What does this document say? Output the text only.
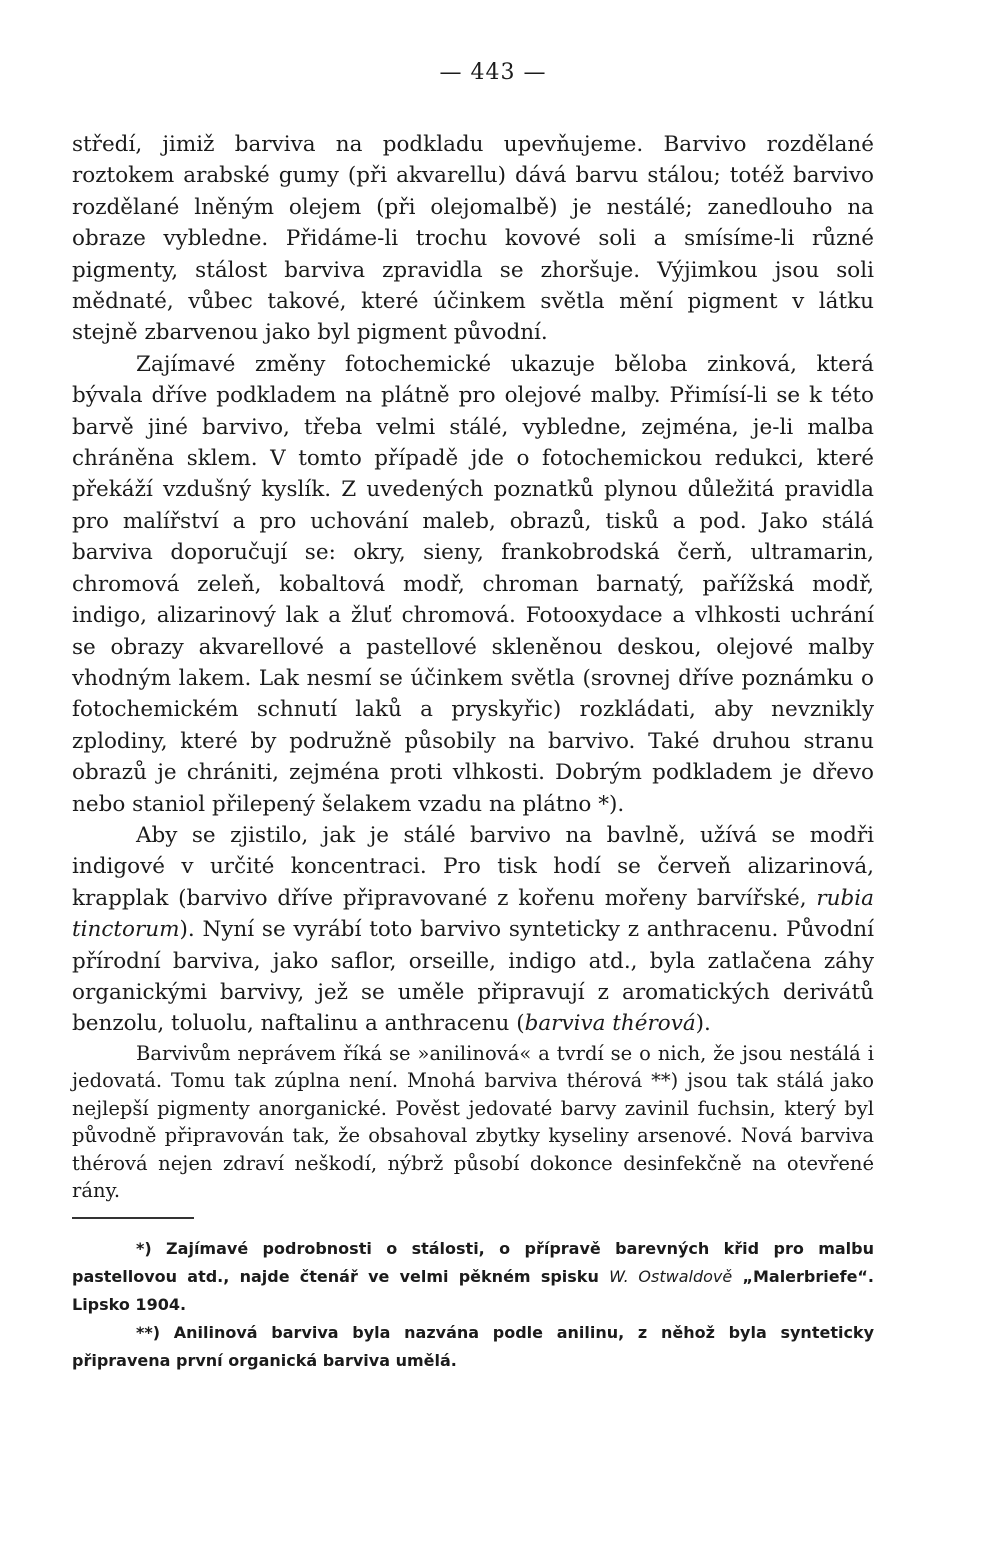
— 443 —

středí, jimiž barviva na podkladu upevňujeme. Barvivo rozdělané roztokem arabské gumy (při akvarellu) dává barvu stálou; totéž barvivo rozdělané lněným olejem (při olejomalbě) je nestálé; zanedlouho na obraze vybledne. Přidáme-li trochu kovové soli a smísíme-li různé pigmenty, stálost barviva zpravidla se zhoršuje. Výjimkou jsou soli mědnaté, vůbec takové, které účinkem světla mění pigment v látku stejně zbarvenou jako byl pigment původní.

Zajímavé změny fotochemické ukazuje běloba zinková, která bývala dříve podkladem na plátně pro olejové malby. Přimísí-li se k této barvě jiné barvivo, třeba velmi stálé, vybledne, zejména, je-li malba chráněna sklem. V tomto případě jde o fotochemickou redukci, které překáží vzdušný kyslík. Z uvedených poznatků plynou důležitá pravidla pro malířství a pro uchování maleb, obrazů, tisků a pod. Jako stálá barviva doporučují se: okry, sieny, frankobrodská čerň, ultramarin, chromová zeleň, kobaltová modř, chroman barnatý, pařížská modř, indigo, alizarinový lak a žluť chromová. Fotooxydace a vlhkosti uchrání se obrazy akvarellové a pastellové skleněnou deskou, olejové malby vhodným lakem. Lak nesmí se účinkem světla (srovnej dříve poznámku o fotochemickém schnutí laků a pryskyřic) rozkládati, aby nevznikly zplodiny, které by podružně působily na barvivo. Také druhou stranu obrazů je chrániti, zejména proti vlhkosti. Dobrým podkladem je dřevo nebo staniol přilepený šelakem vzadu na plátno *).

Aby se zjistilo, jak je stálé barvivo na bavlně, užívá se modři indigové v určité koncentraci. Pro tisk hodí se červeň alizarinová, krapplak (barvivo dříve připravované z kořenu mořeny barvířské, rubia tinctorum). Nyní se vyrábí toto barvivo synteticky z anthracenu. Původní přírodní barviva, jako saflor, orseille, indigo atd., byla zatlačena záhy organickými barvivy, jež se uměle připravují z aromatických derivátů benzolu, toluolu, naftalinu a anthracenu (barviva thérová).

Barvivům neprávem říká se »anilinová« a tvrdí se o nich, že jsou nestálá i jedovatá. Tomu tak zúplna není. Mnohá barviva thérová **) jsou tak stálá jako nejlepší pigmenty anorganické. Pověst jedovaté barvy zavinil fuchsin, který byl původně připravován tak, že obsahoval zbytky kyseliny arsenové. Nová barviva thérová nejen zdraví neškodí, nýbrž působí dokonce desinfekčně na otevřené rány.

*) Zajímavé podrobnosti o stálosti, o přípravě barevných křid pro malbu pastellovou atd., najde čtenář ve velmi pěkném spisku W. Ostwaldově „Malerbriefe“. Lipsko 1904.

**) Anilinová barviva byla nazvána podle anilinu, z něhož byla synteticky připravena první organická barviva umělá.
